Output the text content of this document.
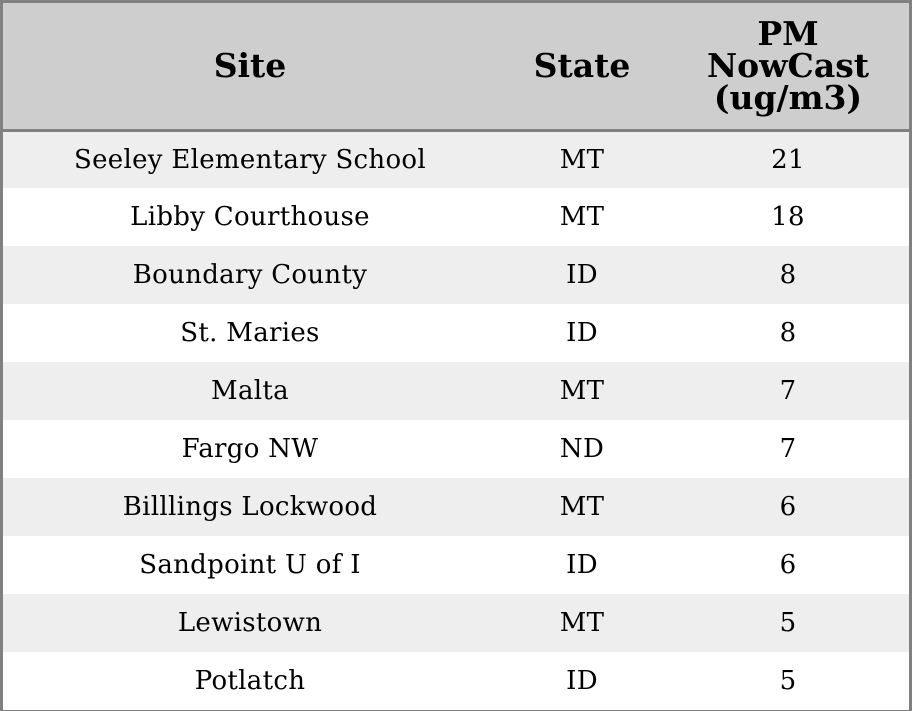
Site	State	PM
NowCast
(ug/m3)

Seeley Elementary School	MT	21
Libby Courthouse	MT	18
Boundary County	ID	8
St. Maries	ID	8
Malta	MT	7
Fargo NW	ND	7
Billlings Lockwood	MT	6
Sandpoint U of I	ID	6
Lewistown	MT	5
Potlatch	ID	5
